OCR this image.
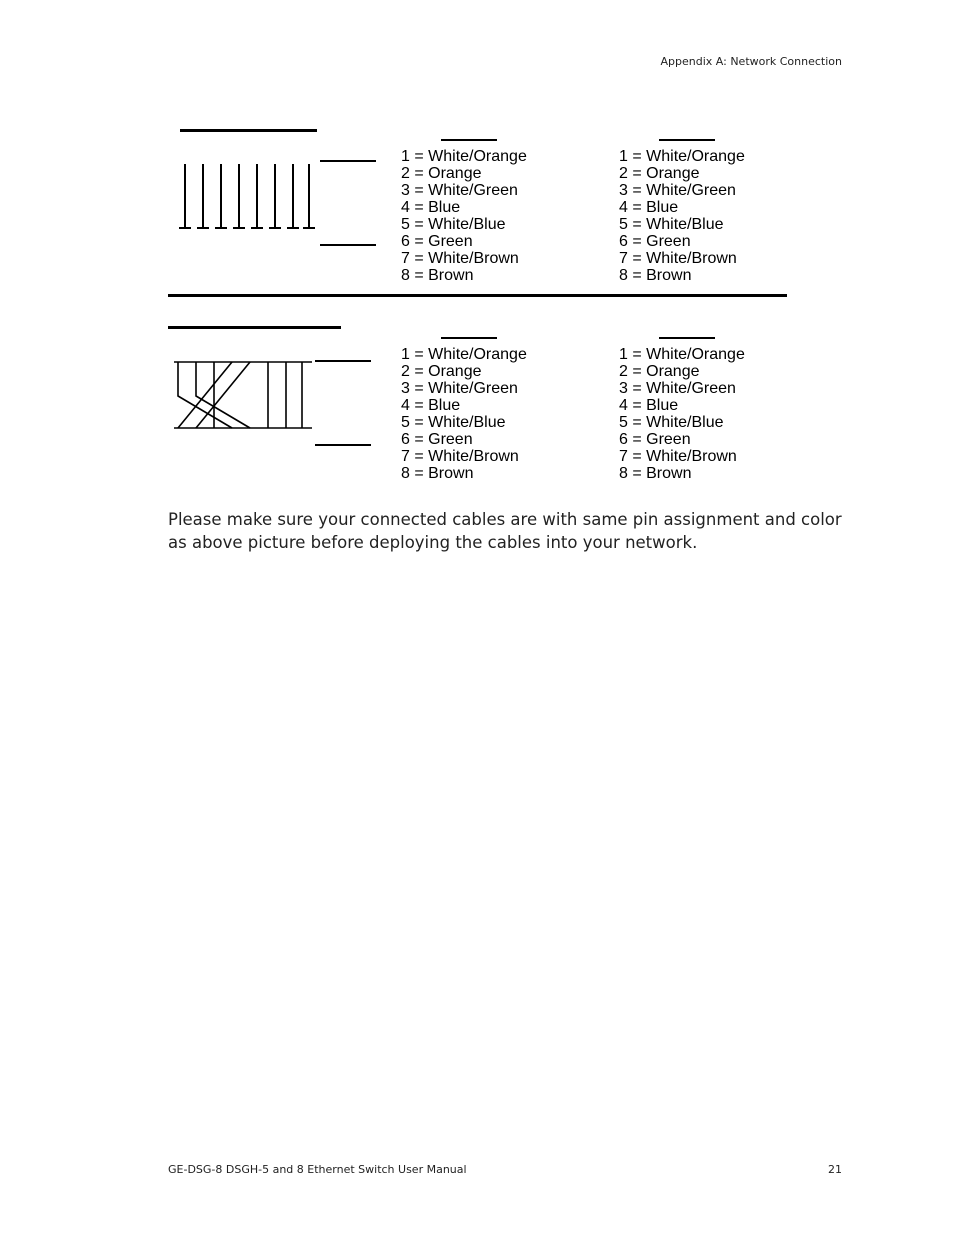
Appendix A: Network Connection
1 = White/Orange
2 = Orange
3 = White/Green
4 = Blue
5 = White/Blue
6 = Green
7 = White/Brown
8 = Brown
1 = White/Orange
2 = Orange
3 = White/Green
4 = Blue
5 = White/Blue
6 = Green
7 = White/Brown
8 = Brown
1 = White/Orange
2 = Orange
3 = White/Green
4 = Blue
5 = White/Blue
6 = Green
7 = White/Brown
8 = Brown
1 = White/Orange
2 = Orange
3 = White/Green
4 = Blue
5 = White/Blue
6 = Green
7 = White/Brown
8 = Brown

Please make sure your connected cables are with same pin assignment and color as above picture before deploying the cables into your network.

GE-DSG-8 DSGH-5 and 8 Ethernet Switch User Manual	21
